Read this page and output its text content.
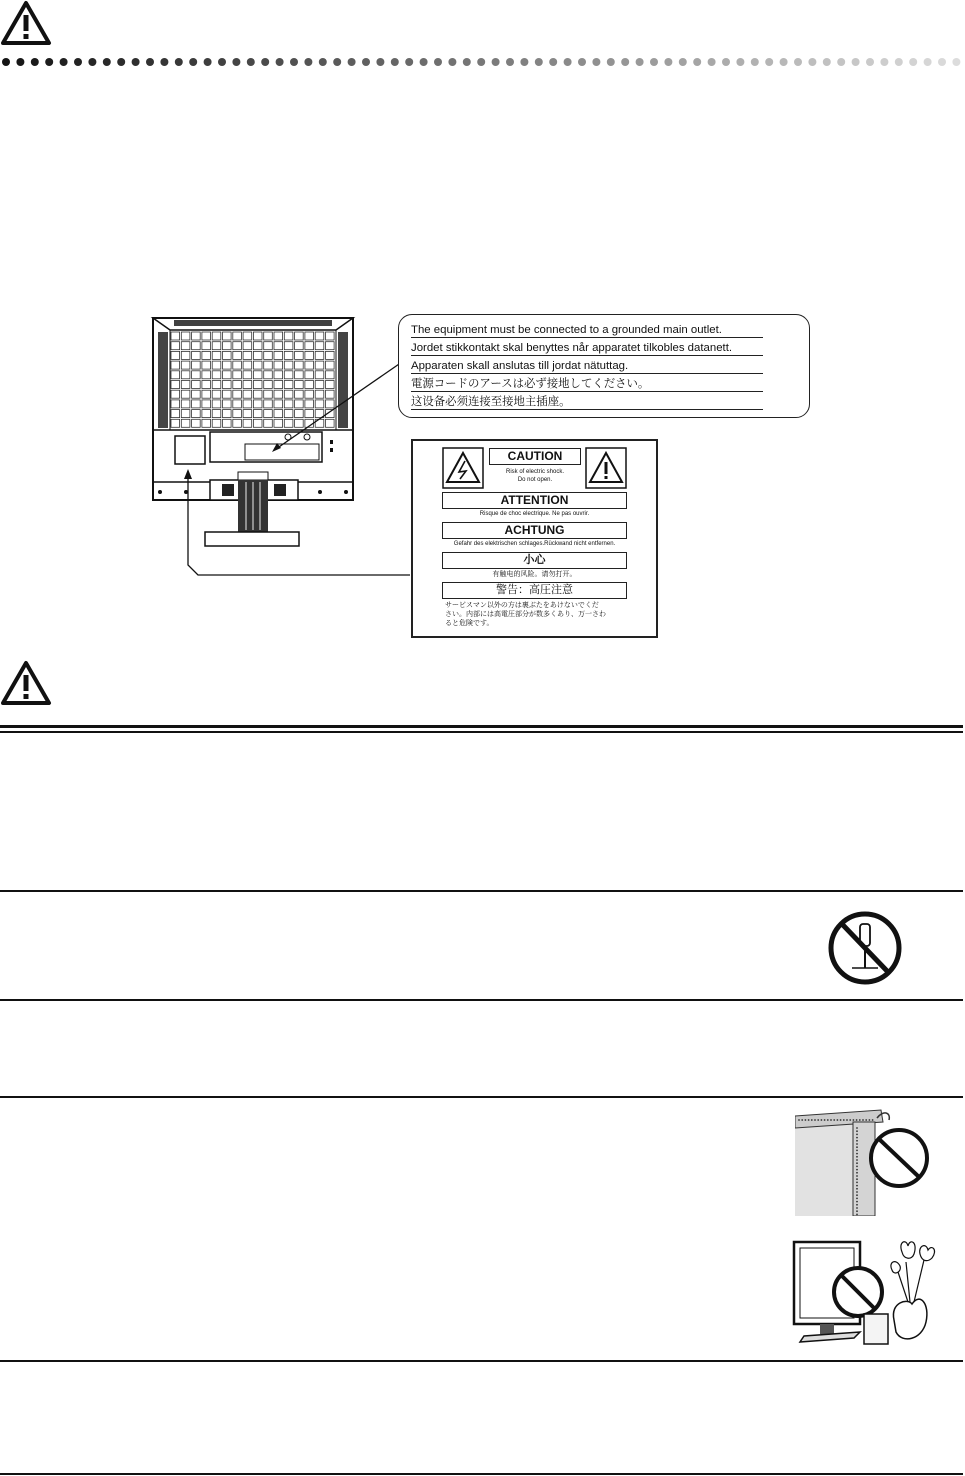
The equipment must be connected to a grounded main outlet.
Jordet stikkontakt skal benyttes når apparatet tilkobles datanett.
Apparaten skall anslutas till jordat nätuttag.
電源コードのアースは必ず接地してください。
这设备必须连接至接地主插座。
CAUTION
Risk of electric shock.
Do not open.
ATTENTION
Risque de choc electrique. Ne pas ouvrir.
ACHTUNG
Gefahr des elektrischen schlages.Rückwand nicht entfernen.
小心
有触电的风险。请勿打开。
警告：高圧注意
サービスマン以外の方は裏ぶたをあけないでくだ
さい。内部には高電圧部分が数多くあり、万一さわ
ると危険です。
